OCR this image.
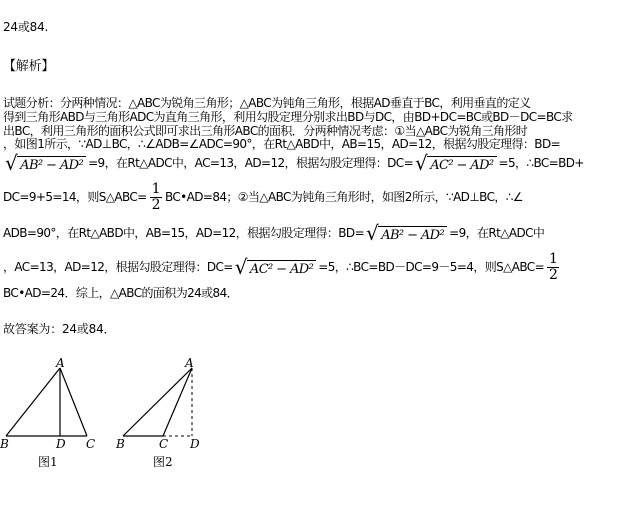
24或84.
【解析】
试题分析：分两种情况：△ABC为锐角三角形；△ABC为钝角三角形，根据AD垂直于BC，利用垂直的定义
得到三角形ABD与三角形ADC为直角三角形，利用勾股定理分别求出BD与DC，由BD+DC=BC或BD－DC=BC求
出BC，利用三角形的面积公式即可求出三角形ABC的面积．分两种情况考虑：①当△ABC为锐角三角形时
，如图1所示，∵AD⊥BC，∴∠ADB=∠ADC=90°，在Rt△ABD中，AB=15，AD=12，根据勾股定理得：BD=
√ AB² − AD² =9，在Rt△ADC中，AC=13，AD=12，根据勾股定理得：DC= √ AC² − AD² =5，∴BC=BD+
DC=9+5=14，则S△ABC= $\frac{1}{2}$ BC•AD=84；②当△ABC为钝角三角形时，如图2所示，∵AD⊥BC，∴∠
ADB=90°，在Rt△ABD中，AB=15，AD=12，根据勾股定理得：BD= √ AB² − AD² =9，在Rt△ADC中
，AC=13，AD=12，根据勾股定理得：DC= √ AC² − AD² =5，∴BC=BD－DC=9－5=4，则S△ABC= $\frac{1}{2}$
BC•AD=24．综上，△ABC的面积为24或84．
故答案为：24或84．
A
B	D C
图1
A
B	C D
图2
